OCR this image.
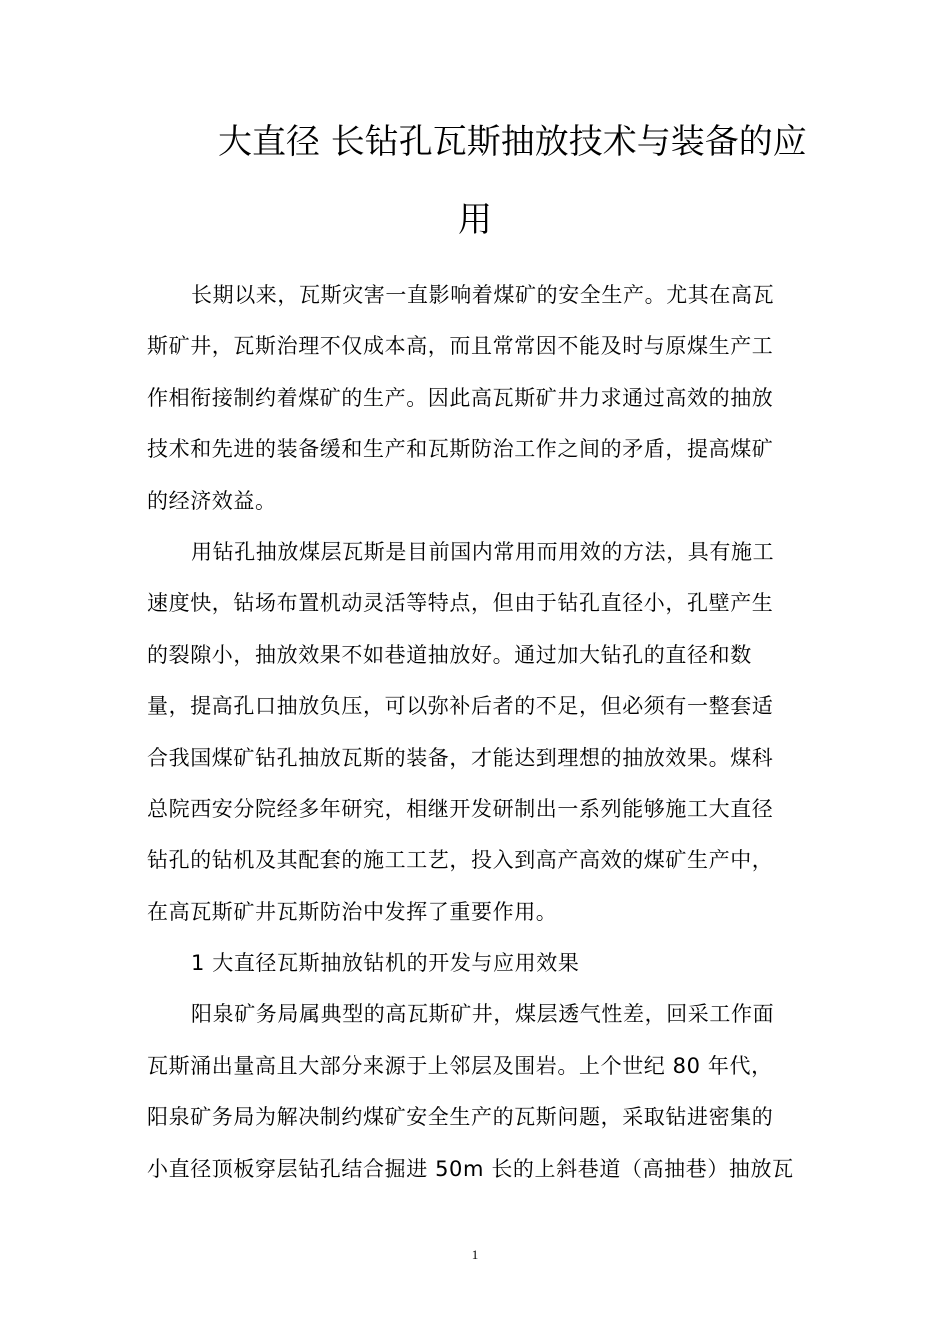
大直径 长钻孔瓦斯抽放技术与装备的应
用
长期以来，瓦斯灾害一直影响着煤矿的安全生产。尤其在高瓦
斯矿井，瓦斯治理不仅成本高，而且常常因不能及时与原煤生产工
作相衔接制约着煤矿的生产。因此高瓦斯矿井力求通过高效的抽放
技术和先进的装备缓和生产和瓦斯防治工作之间的矛盾，提高煤矿
的经济效益。
用钻孔抽放煤层瓦斯是目前国内常用而用效的方法，具有施工
速度快，钻场布置机动灵活等特点，但由于钻孔直径小，孔壁产生
的裂隙小，抽放效果不如巷道抽放好。通过加大钻孔的直径和数
量，提高孔口抽放负压，可以弥补后者的不足，但必须有一整套适
合我国煤矿钻孔抽放瓦斯的装备，才能达到理想的抽放效果。煤科
总院西安分院经多年研究，相继开发研制出一系列能够施工大直径
钻孔的钻机及其配套的施工工艺，投入到高产高效的煤矿生产中，
在高瓦斯矿井瓦斯防治中发挥了重要作用。
1 大直径瓦斯抽放钻机的开发与应用效果
阳泉矿务局属典型的高瓦斯矿井，煤层透气性差，回采工作面
瓦斯涌出量高且大部分来源于上邻层及围岩。上个世纪 80 年代，
阳泉矿务局为解决制约煤矿安全生产的瓦斯问题，采取钻进密集的
小直径顶板穿层钻孔结合掘进 50m 长的上斜巷道（高抽巷）抽放瓦
1
